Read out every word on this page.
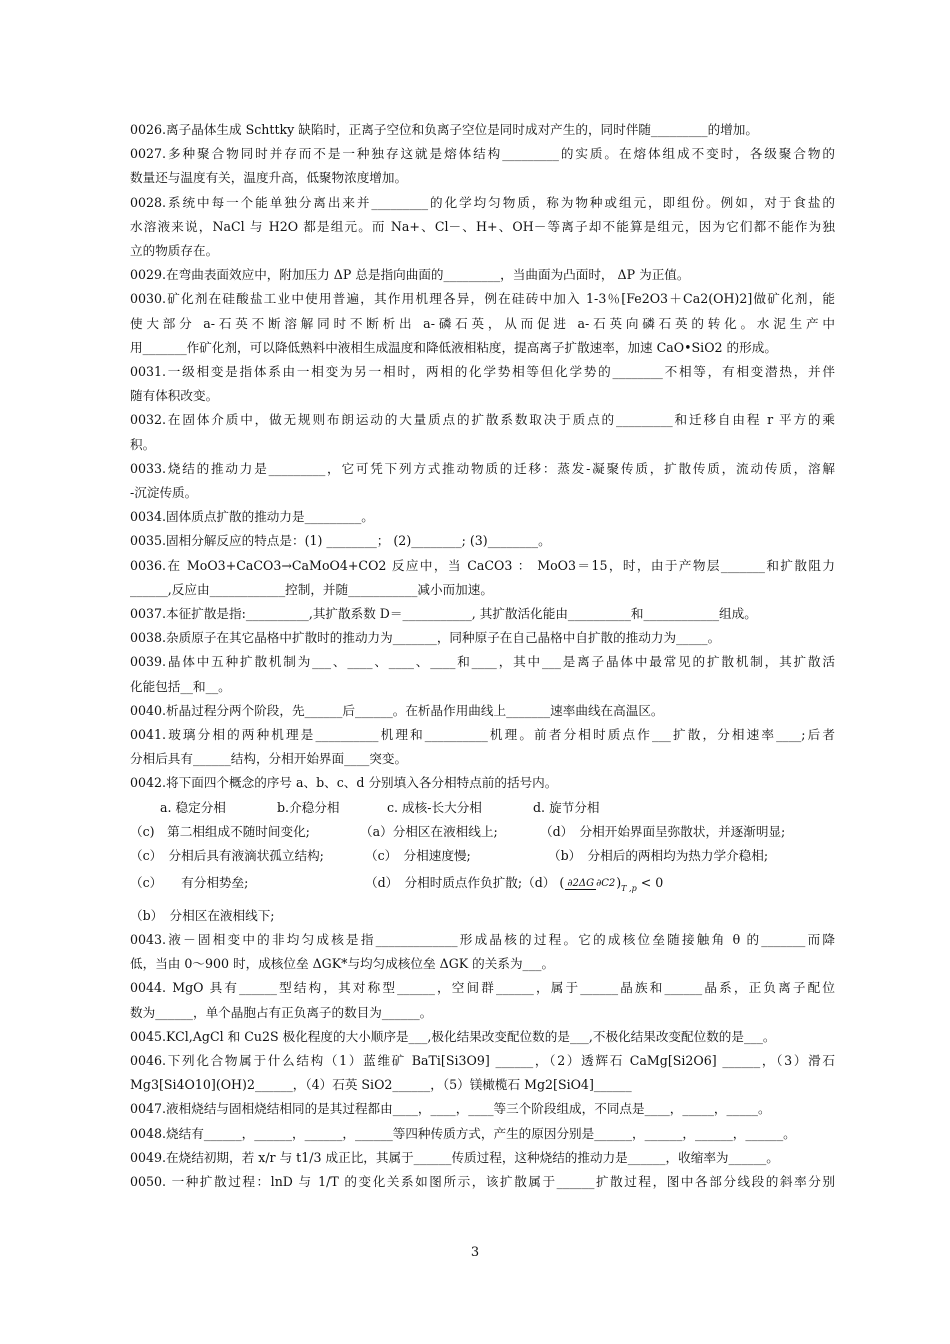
0026.离子晶体生成 Schttky 缺陷时，正离子空位和负离子空位是同时成对产生的，同时伴随_________的增加。
0027.多种聚合物同时并存而不是一种独存这就是熔体结构_________的实质。在熔体组成不变时，各级聚合物的
数量还与温度有关，温度升高，低聚物浓度增加。
0028.系统中每一个能单独分离出来并_________的化学均匀物质，称为物种或组元，即组份。例如，对于食盐的
水溶液来说，NaCl 与 H2O 都是组元。而 Na+、Cl－、H+、OH－等离子却不能算是组元，因为它们都不能作为独
立的物质存在。
0029.在弯曲表面效应中，附加压力 ΔP 总是指向曲面的_________，当曲面为凸面时， ΔP 为正值。
0030.矿化剂在硅酸盐工业中使用普遍，其作用机理各异，例在硅砖中加入 1-3％[Fe2O3＋Ca2(OH)2]做矿化剂，能
使大部分 a-石英不断溶解同时不断析出 a-磷石英，从而促进 a-石英向磷石英的转化。水泥生产中
用_______作矿化剂，可以降低熟料中液相生成温度和降低液相粘度，提高离子扩散速率，加速 CaO•SiO2 的形成。
0031.一级相变是指体系由一相变为另一相时，两相的化学势相等但化学势的________不相等，有相变潜热，并伴
随有体积改变。
0032.在固体介质中，做无规则布朗运动的大量质点的扩散系数取决于质点的_________和迁移自由程 r 平方的乘
积。
0033.烧结的推动力是_________，它可凭下列方式推动物质的迁移：蒸发-凝聚传质，扩散传质，流动传质，溶解
-沉淀传质。
0034.固体质点扩散的推动力是_________。
0035.固相分解反应的特点是：(1) ________； (2)________; (3)________。
0036.在 MoO3+CaCO3→CaMoO4+CO2 反应中，当 CaCO3 ： MoO3＝15，时，由于产物层_______和扩散阻力
______,反应由____________控制，并随___________减小而加速。
0037.本征扩散是指:__________,其扩散系数 D＝___________, 其扩散活化能由__________和____________组成。
0038.杂质原子在其它晶格中扩散时的推动力为_______，同种原子在自己晶格中自扩散的推动力为_____。
0039.晶体中五种扩散机制为___、____、____、____和____，其中___是离子晶体中最常见的扩散机制，其扩散活
化能包括__和__。
0040.析晶过程分两个阶段，先______后______。在析晶作用曲线上_______速率曲线在高温区。
0041.玻璃分相的两种机理是__________机理和__________机理。前者分相时质点作___扩散，分相速率____;后者
分相后具有______结构，分相开始界面____突变。
0042.将下面四个概念的序号 a、b、c、d 分别填入各分相特点前的括号内。
a. 稳定分相	b.介稳分相	c. 成核-长大分相	d. 旋节分相
（c)　第二相组成不随时间变化;	（a）分相区在液相线上;	（d）　分相开始界面呈弥散状，并逐渐明显;
（c）　分相后具有液滴状孤立结构;	（c）　分相速度慢;	（b）　分相后的两相均为热力学介稳相;
（c）　　有分相势垒;	（d）　分相时质点作负扩散;（d） ( ∂2ΔG ∂C2)T ,p < 0
（b）　分相区在液相线下;
0043.液－固相变中的非均匀成核是指_____________形成晶核的过程。它的成核位垒随接触角 θ 的_______而降
低，当由 0～900 时，成核位垒 ΔGK*与均匀成核位垒 ΔGK 的关系为___。
0044. MgO 具有______型结构，其对称型______，空间群______，属于______晶族和______晶系，正负离子配位
数为______，单个晶胞占有正负离子的数目为______。
0045.KCl,AgCl 和 Cu2S 极化程度的大小顺序是___,极化结果改变配位数的是___,不极化结果改变配位数的是___。
0046.下列化合物属于什么结构（1）蓝维矿 BaTi[Si3O9] ______，（2）透辉石 CaMg[Si2O6] ______，（3）滑石
Mg3[Si4O10](OH)2______，（4）石英 SiO2______，（5）镁橄榄石 Mg2[SiO4]______
0047.液相烧结与固相烧结相同的是其过程都由____，____，____等三个阶段组成，不同点是____，_____，_____。
0048.烧结有______，______，______，______等四种传质方式，产生的原因分别是______，______，______，______。
0049.在烧结初期，若 x/r 与 t1/3 成正比，其属于______传质过程，这种烧结的推动力是______，收缩率为______。
0050. 一种扩散过程：lnD 与 1/T 的变化关系如图所示，该扩散属于______扩散过程，图中各部分线段的斜率分别
3
